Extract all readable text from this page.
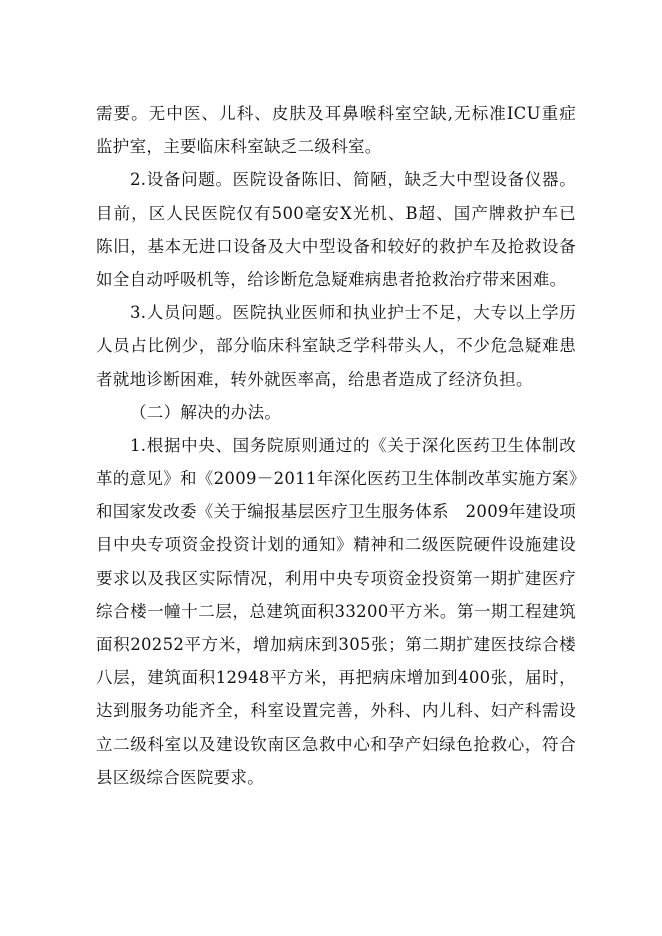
需要。无中医、儿科、皮肤及耳鼻喉科室空缺,无标准ICU重症
监护室，主要临床科室缺乏二级科室。
2.设备问题。医院设备陈旧、简陋，缺乏大中型设备仪器。
目前，区人民医院仅有500毫安X光机、B超、国产牌救护车已
陈旧，基本无进口设备及大中型设备和较好的救护车及抢救设备
如全自动呼吸机等，给诊断危急疑难病患者抢救治疗带来困难。
3.人员问题。医院执业医师和执业护士不足，大专以上学历
人员占比例少，部分临床科室缺乏学科带头人，不少危急疑难患
者就地诊断困难，转外就医率高，给患者造成了经济负担。
（二）解决的办法。
1.根据中央、国务院原则通过的《关于深化医药卫生体制改
革的意见》和《2009－2011年深化医药卫生体制改革实施方案》
和国家发改委《关于编报基层医疗卫生服务体系　2009年建设项
目中央专项资金投资计划的通知》精神和二级医院硬件设施建设
要求以及我区实际情况，利用中央专项资金投资第一期扩建医疗
综合楼一幢十二层，总建筑面积33200平方米。第一期工程建筑
面积20252平方米，增加病床到305张；第二期扩建医技综合楼
八层，建筑面积12948平方米，再把病床增加到400张，届时，
达到服务功能齐全，科室设置完善，外科、内儿科、妇产科需设
立二级科室以及建设钦南区急救中心和孕产妇绿色抢救心，符合
县区级综合医院要求。
